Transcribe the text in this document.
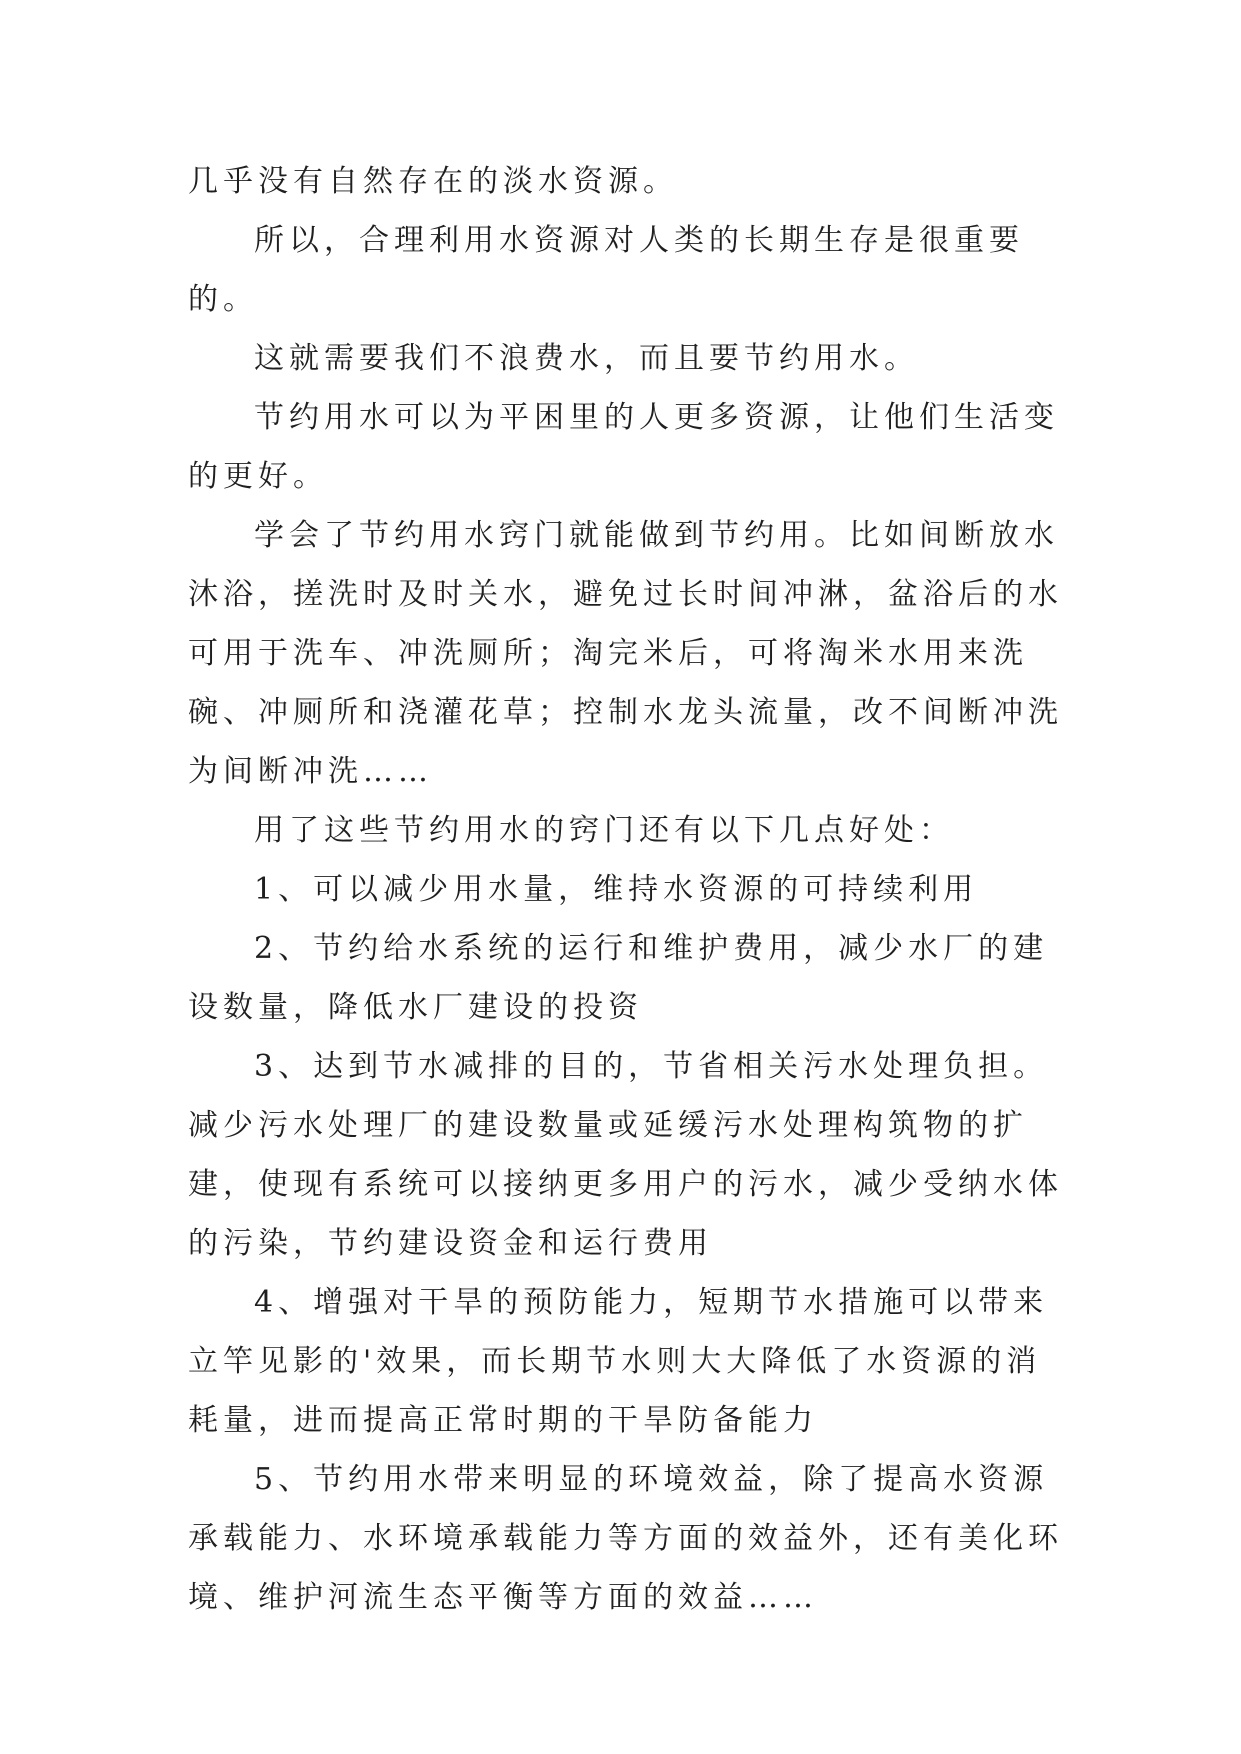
几乎没有自然存在的淡水资源。

所以，合理利用水资源对人类的长期生存是很重要的。

这就需要我们不浪费水，而且要节约用水。

节约用水可以为平困里的人更多资源，让他们生活变的更好。

学会了节约用水窍门就能做到节约用。比如间断放水沐浴，搓洗时及时关水，避免过长时间冲淋，盆浴后的水可用于洗车、冲洗厕所；淘完米后，可将淘米水用来洗碗、冲厕所和浇灌花草；控制水龙头流量，改不间断冲洗为间断冲洗……

用了这些节约用水的窍门还有以下几点好处：

1、可以减少用水量，维持水资源的可持续利用

2、节约给水系统的运行和维护费用，减少水厂的建设数量，降低水厂建设的投资

3、达到节水减排的目的，节省相关污水处理负担。减少污水处理厂的建设数量或延缓污水处理构筑物的扩建，使现有系统可以接纳更多用户的污水，减少受纳水体的污染，节约建设资金和运行费用

4、增强对干旱的预防能力，短期节水措施可以带来立竿见影的'效果，而长期节水则大大降低了水资源的消耗量，进而提高正常时期的干旱防备能力

5、节约用水带来明显的环境效益，除了提高水资源承载能力、水环境承载能力等方面的效益外，还有美化环境、维护河流生态平衡等方面的效益……
